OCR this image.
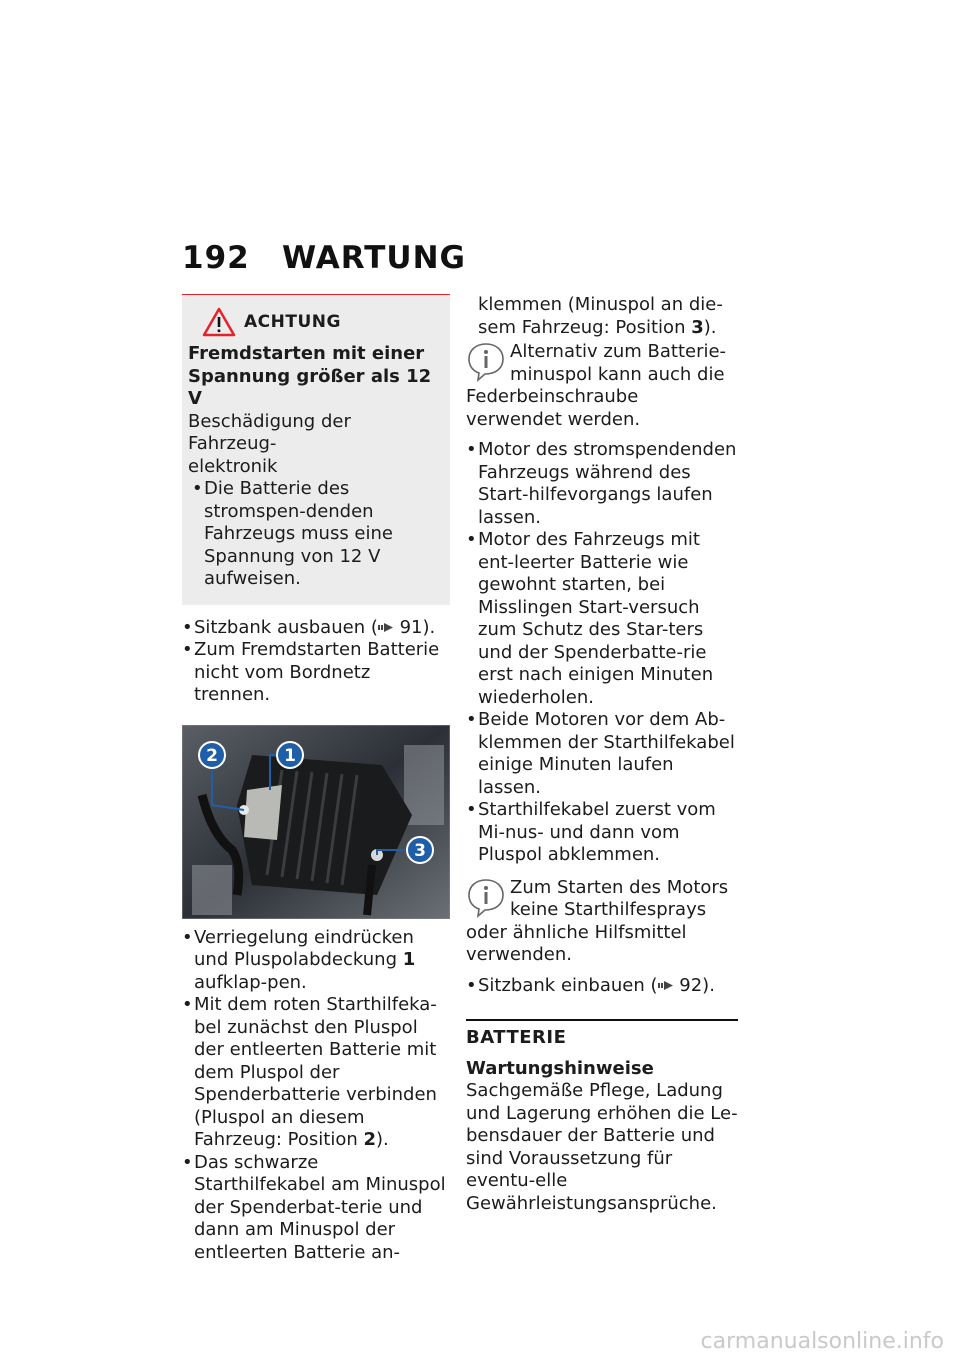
192 WARTUNG
ACHTUNG
Fremdstarten mit einer
Spannung größer als 12 V
Beschädigung der Fahrzeug-
elektronik
• Die Batterie des stromspen-denden Fahrzeugs muss eine Spannung von 12 V aufweisen.
• Sitzbank ausbauen ( 91).
• Zum Fremdstarten Batterie nicht vom Bordnetz trennen.
2	1
3
• Verriegelung eindrücken und Pluspolabdeckung 1 aufklap-pen.
• Mit dem roten Starthilfeka-bel zunächst den Pluspol der entleerten Batterie mit dem Pluspol der Spenderbatterie verbinden (Pluspol an diesem Fahrzeug: Position 2).
• Das schwarze Starthilfekabel am Minuspol der Spenderbat-terie und dann am Minuspol der entleerten Batterie an-
klemmen (Minuspol an die-sem Fahrzeug: Position 3).
Alternativ zum Batterie-minuspol kann auch die Federbeinschraube verwendet werden.
• Motor des stromspendenden Fahrzeugs während des Start-hilfevorgangs laufen lassen.
• Motor des Fahrzeugs mit ent-leerter Batterie wie gewohnt starten, bei Misslingen Start-versuch zum Schutz des Star-ters und der Spenderbatte-rie erst nach einigen Minuten wiederholen.
• Beide Motoren vor dem Ab-klemmen der Starthilfekabel einige Minuten laufen lassen.
• Starthilfekabel zuerst vom Mi-nus- und dann vom Pluspol abklemmen.
Zum Starten des Motors keine Starthilfesprays oder ähnliche Hilfsmittel verwenden.
• Sitzbank einbauen ( 92).
BATTERIE
Wartungshinweise
Sachgemäße Pflege, Ladung und Lagerung erhöhen die Le-bensdauer der Batterie und sind Voraussetzung für eventu-elle Gewährleistungsansprüche.
carmanualsonline.info
